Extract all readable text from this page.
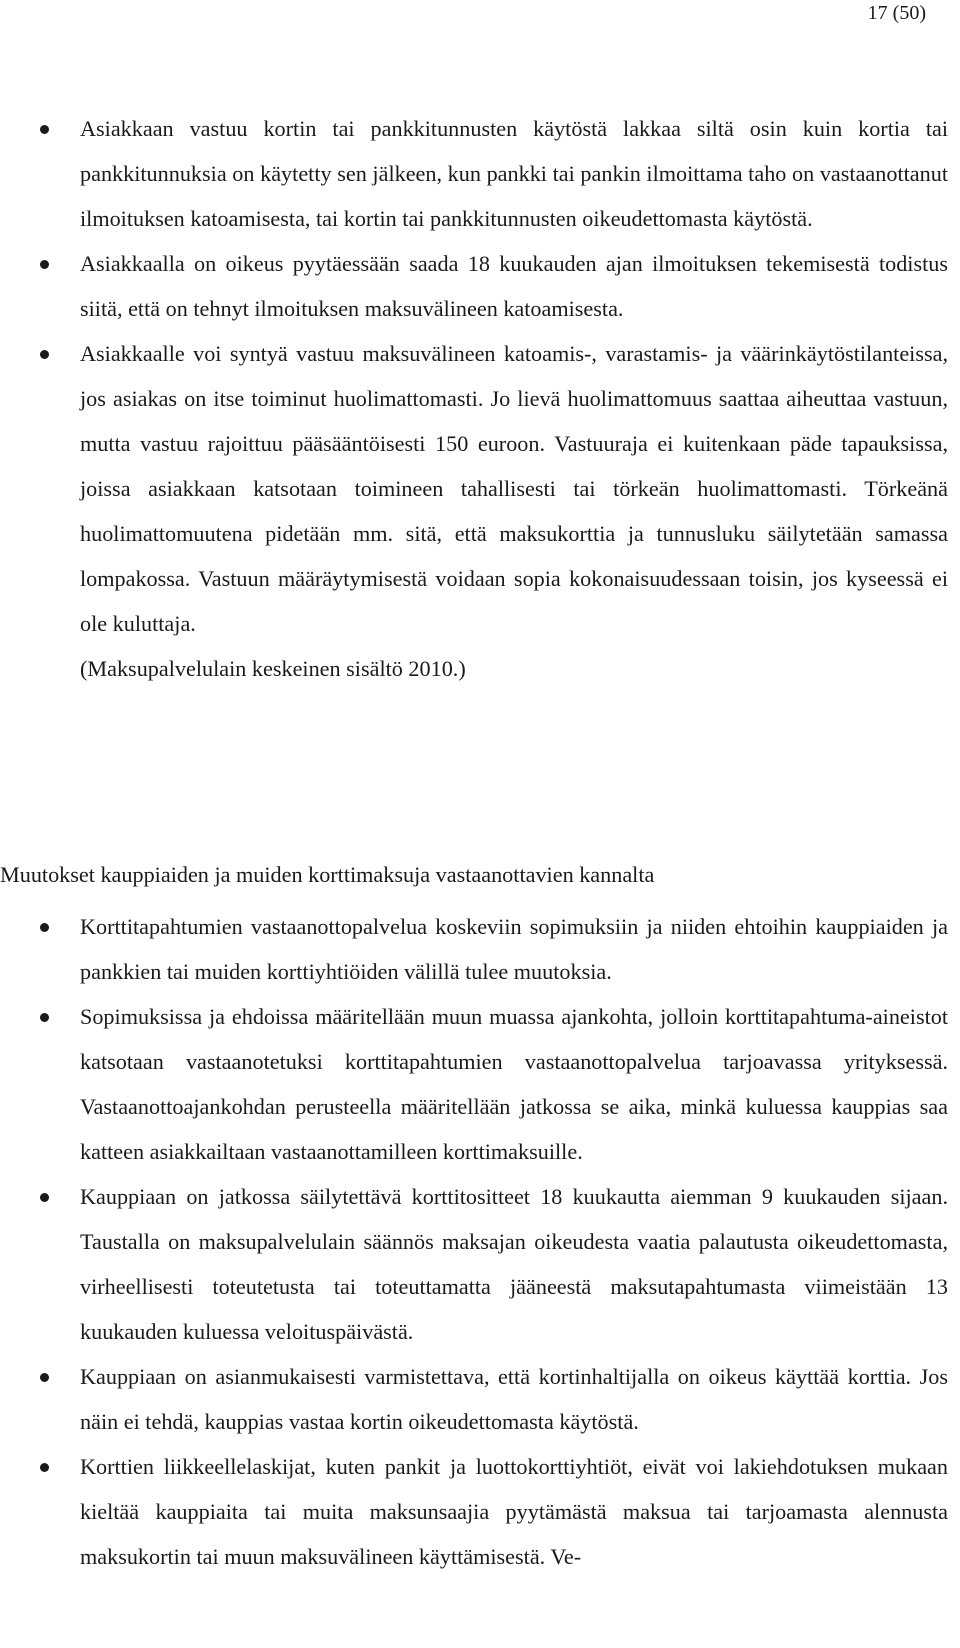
17 (50)
Asiakkaan vastuu kortin tai pankkitunnusten käytöstä lakkaa siltä osin kuin kortia tai pankkitunnuksia on käytetty sen jälkeen, kun pankki tai pankin ilmoittama taho on vastaanottanut ilmoituksen katoamisesta, tai kortin tai pankkitunnusten oikeudettomasta käytöstä.
Asiakkaalla on oikeus pyytäessään saada 18 kuukauden ajan ilmoituksen tekemisestä todistus siitä, että on tehnyt ilmoituksen maksuvälineen katoamisesta.
Asiakkaalle voi syntyä vastuu maksuvälineen katoamis-, varastamis- ja väärinkäytöstilanteissa, jos asiakas on itse toiminut huolimattomasti. Jo lievä huolimattomuus saattaa aiheuttaa vastuun, mutta vastuu rajoittuu pääsääntöisesti 150 euroon. Vastuuraja ei kuitenkaan päde tapauksissa, joissa asiakkaan katsotaan toimineen tahallisesti tai törkeän huolimattomasti. Törkeänä huolimattomuutena pidetään mm. sitä, että maksukorttia ja tunnusluku säilytetään samassa lompakossa. Vastuun määräytymisestä voidaan sopia kokonaisuudessaan toisin, jos kyseessä ei ole kuluttaja.
(Maksupalvelulain keskeinen sisältö 2010.)
Muutokset kauppiaiden ja muiden korttimaksuja vastaanottavien kannalta
Korttitapahtumien vastaanottopalvelua koskeviin sopimuksiin ja niiden ehtoihin kauppiaiden ja pankkien tai muiden korttiyhtiöiden välillä tulee muutoksia.
Sopimuksissa ja ehdoissa määritellään muun muassa ajankohta, jolloin korttitapahtuma-aineistot katsotaan vastaanotetuksi korttitapahtumien vastaanottopalvelua tarjoavassa yrityksessä. Vastaanottoajankohdan perusteella määritellään jatkossa se aika, minkä kuluessa kauppias saa katteen asiakkailtaan vastaanottamilleen korttimaksuille.
Kauppiaan on jatkossa säilytettävä korttitositteet 18 kuukautta aiemman 9 kuukauden sijaan. Taustalla on maksupalvelulain säännös maksajan oikeudesta vaatia palautusta oikeudettomasta, virheellisesti toteutetusta tai toteuttamatta jääneestä maksutapahtumasta viimeistään 13 kuukauden kuluessa veloituspäivästä.
Kauppiaan on asianmukaisesti varmistettava, että kortinhaltijalla on oikeus käyttää korttia. Jos näin ei tehdä, kauppias vastaa kortin oikeudettomasta käytöstä.
Korttien liikkeellelaskijat, kuten pankit ja luottokorttiyhtiöt, eivät voi lakiehdotuksen mukaan kieltää kauppiaita tai muita maksunsaajia pyytämästä maksua tai tarjoamasta alennusta maksukortin tai muun maksuvälineen käyttämisestä. Ve-
